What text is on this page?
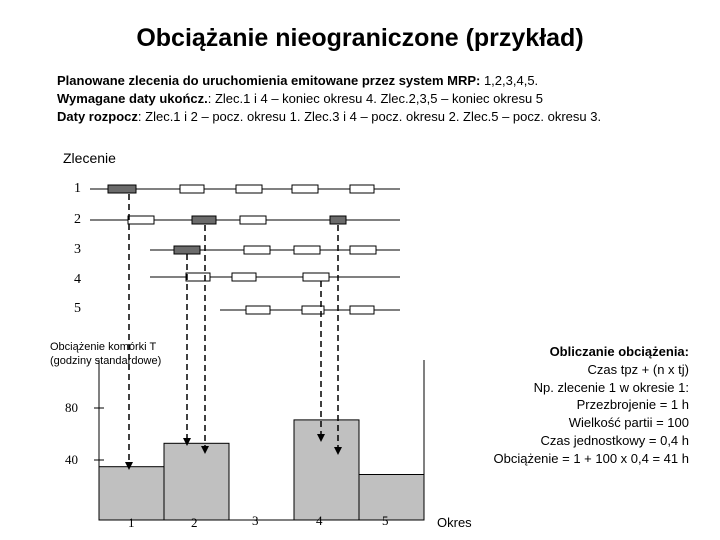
Obciążanie nieograniczone (przykład)
Planowane zlecenia do uruchomienia emitowane przez system MRP: 1,2,3,4,5.
Wymagane daty ukończ.: Zlec.1 i 4 – koniec okresu 4. Zlec.2,3,5 – koniec okresu 5
Daty rozpocz: Zlec.1 i 2 – pocz. okresu 1. Zlec.3 i 4 – pocz. okresu 2. Zlec.5 – pocz. okresu 3.
Zlecenie
Obciążenie komórki T
(godziny standardowe)
Obliczanie obciążenia:
Czas tpz + (n x tj)
Np. zlecenie 1 w okresie 1:
Przezbrojenie = 1 h
Wielkość partii = 100
Czas jednostkowy = 0,4 h
Obciążenie = 1 + 100 x 0,4 = 41 h
1
2
3
4
5
80
40
1	2	3	4	5	Okres
